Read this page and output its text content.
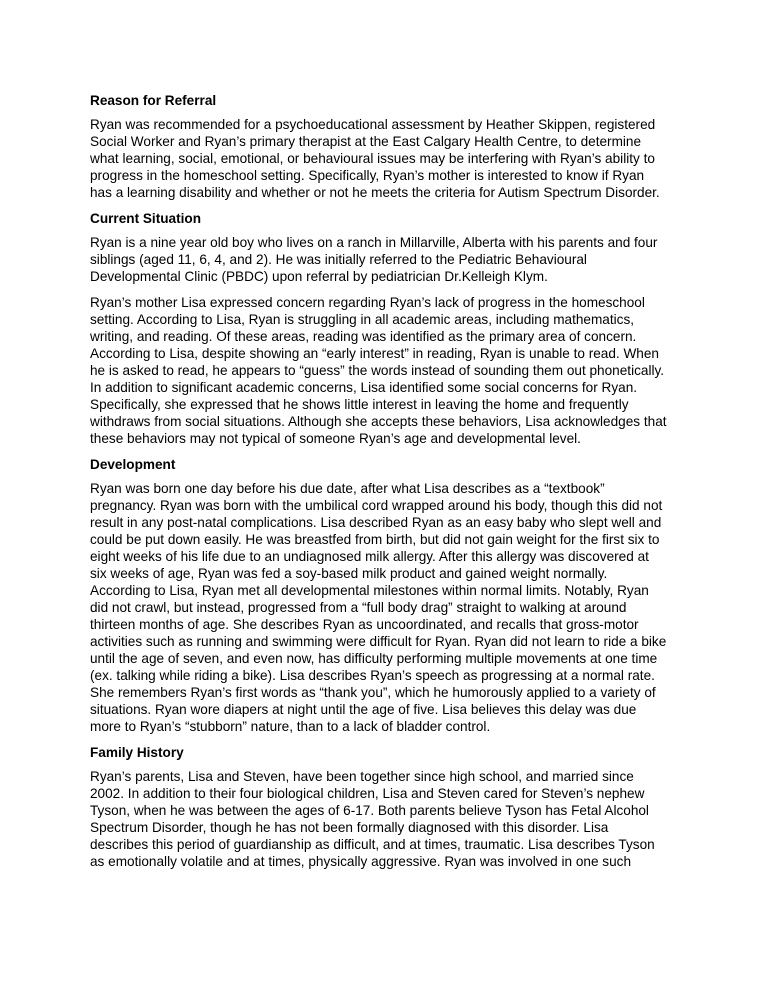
Reason for Referral
Ryan was recommended for a psychoeducational assessment by Heather Skippen, registered
Social Worker and Ryan’s primary therapist at the East Calgary Health Centre, to determine
what learning, social, emotional, or behavioural issues may be interfering with Ryan’s ability to
progress in the homeschool setting. Specifically, Ryan’s mother is interested to know if Ryan
has a learning disability and whether or not he meets the criteria for Autism Spectrum Disorder.
Current Situation
Ryan is a nine year old boy who lives on a ranch in Millarville, Alberta with his parents and four
siblings (aged 11, 6, 4, and 2). He was initially referred to the Pediatric Behavioural
Developmental Clinic (PBDC) upon referral by pediatrician Dr.Kelleigh Klym.
Ryan’s mother Lisa expressed concern regarding Ryan’s lack of progress in the homeschool
setting. According to Lisa, Ryan is struggling in all academic areas, including mathematics,
writing, and reading. Of these areas, reading was identified as the primary area of concern.
According to Lisa, despite showing an “early interest” in reading, Ryan is unable to read. When
he is asked to read, he appears to “guess” the words instead of sounding them out phonetically.
In addition to significant academic concerns, Lisa identified some social concerns for Ryan.
Specifically, she expressed that he shows little interest in leaving the home and frequently
withdraws from social situations. Although she accepts these behaviors, Lisa acknowledges that
these behaviors may not typical of someone Ryan’s age and developmental level.
Development
Ryan was born one day before his due date, after what Lisa describes as a “textbook”
pregnancy. Ryan was born with the umbilical cord wrapped around his body, though this did not
result in any post-natal complications. Lisa described Ryan as an easy baby who slept well and
could be put down easily. He was breastfed from birth, but did not gain weight for the first six to
eight weeks of his life due to an undiagnosed milk allergy. After this allergy was discovered at
six weeks of age, Ryan was fed a soy-based milk product and gained weight normally.
According to Lisa, Ryan met all developmental milestones within normal limits. Notably, Ryan
did not crawl, but instead, progressed from a “full body drag” straight to walking at around
thirteen months of age. She describes Ryan as uncoordinated, and recalls that gross-motor
activities such as running and swimming were difficult for Ryan. Ryan did not learn to ride a bike
until the age of seven, and even now, has difficulty performing multiple movements at one time
(ex. talking while riding a bike). Lisa describes Ryan’s speech as progressing at a normal rate.
She remembers Ryan’s first words as “thank you”, which he humorously applied to a variety of
situations. Ryan wore diapers at night until the age of five. Lisa believes this delay was due
more to Ryan’s “stubborn” nature, than to a lack of bladder control.
Family History
Ryan’s parents, Lisa and Steven, have been together since high school, and married since
2002. In addition to their four biological children, Lisa and Steven cared for Steven’s nephew
Tyson, when he was between the ages of 6-17. Both parents believe Tyson has Fetal Alcohol
Spectrum Disorder, though he has not been formally diagnosed with this disorder. Lisa
describes this period of guardianship as difficult, and at times, traumatic. Lisa describes Tyson
as emotionally volatile and at times, physically aggressive. Ryan was involved in one such
